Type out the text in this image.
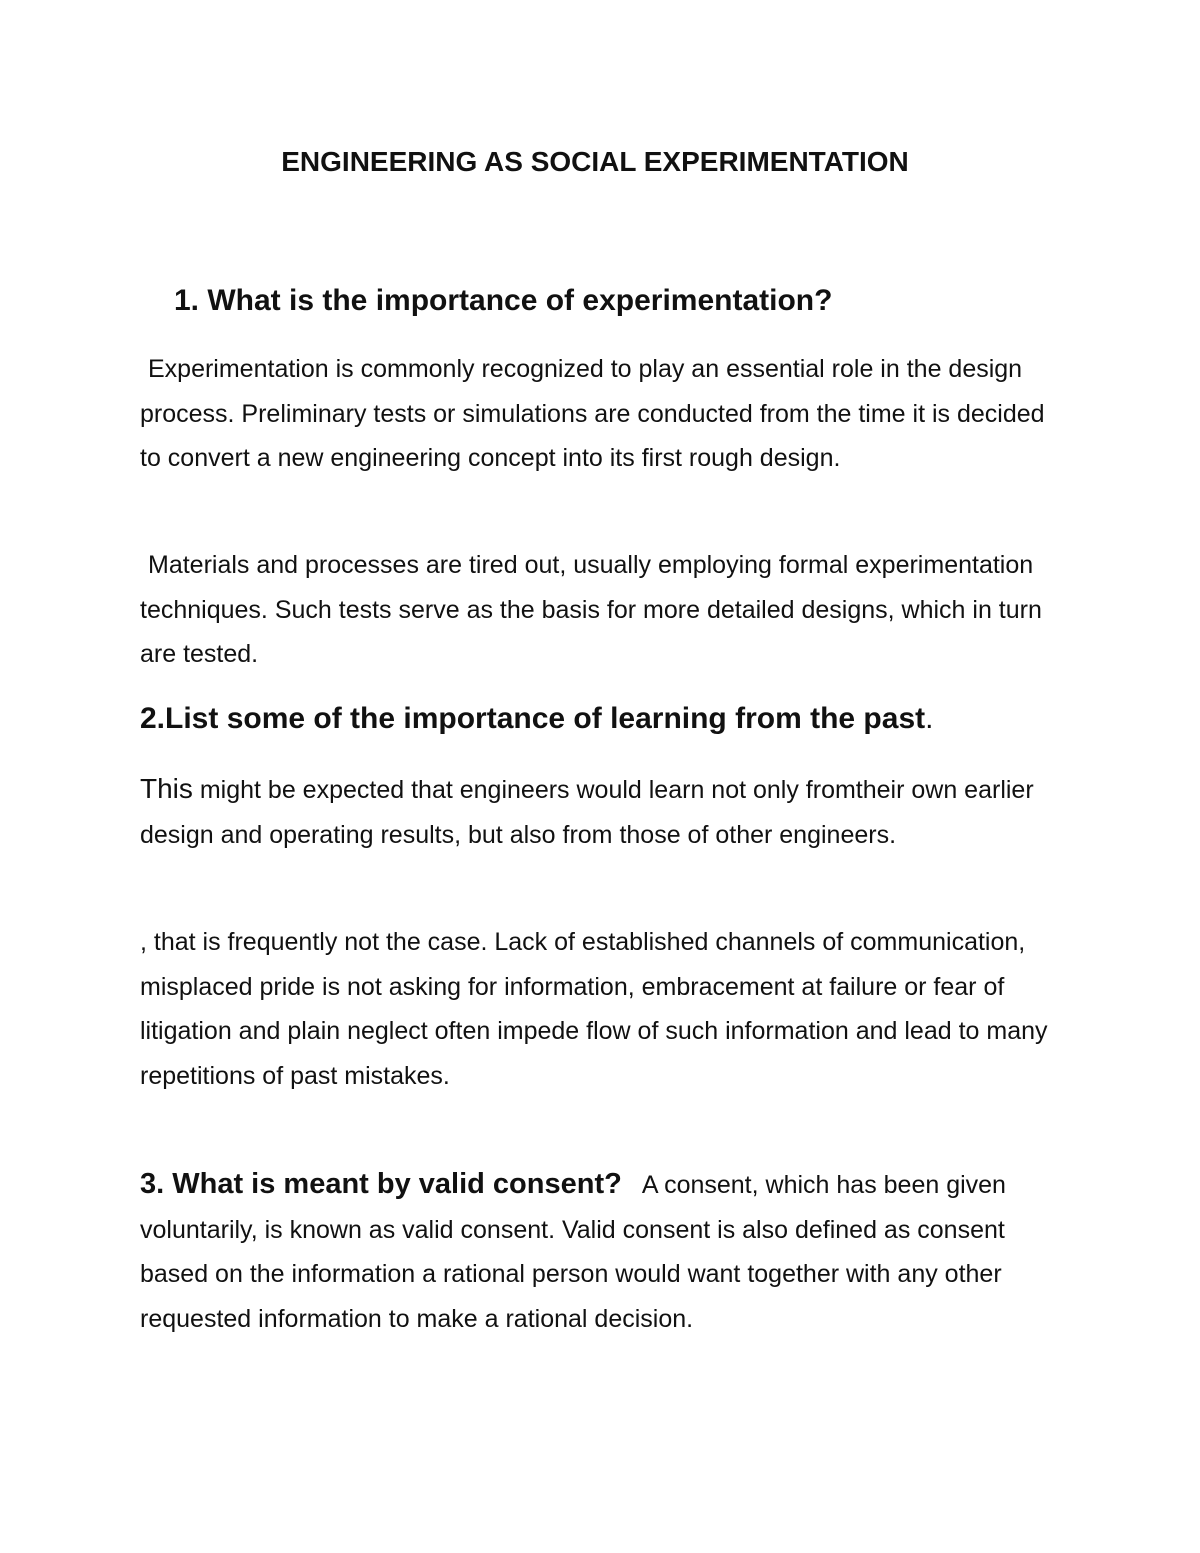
ENGINEERING AS SOCIAL EXPERIMENTATION
1. What is the importance of experimentation?

Experimentation is commonly recognized to play an essential role in the design process. Preliminary tests or simulations are conducted from the time it is decided to convert a new engineering concept into its first rough design.

Materials and processes are tired out, usually employing formal experimentation techniques. Such tests serve as the basis for more detailed designs, which in turn are tested.

2.List some of the importance of learning from the past.

This might be expected that engineers would learn not only fromtheir own earlier design and operating results, but also from those of other engineers.

, that is frequently not the case. Lack of established channels of communication, misplaced pride is not asking for information, embracement at failure or fear of litigation and plain neglect often impede flow of such information and lead to many repetitions of past mistakes.

3. What is meant by valid consent? A consent, which has been given voluntarily, is known as valid consent. Valid consent is also defined as consent based on the information a rational person would want together with any other requested information to make a rational decision.
